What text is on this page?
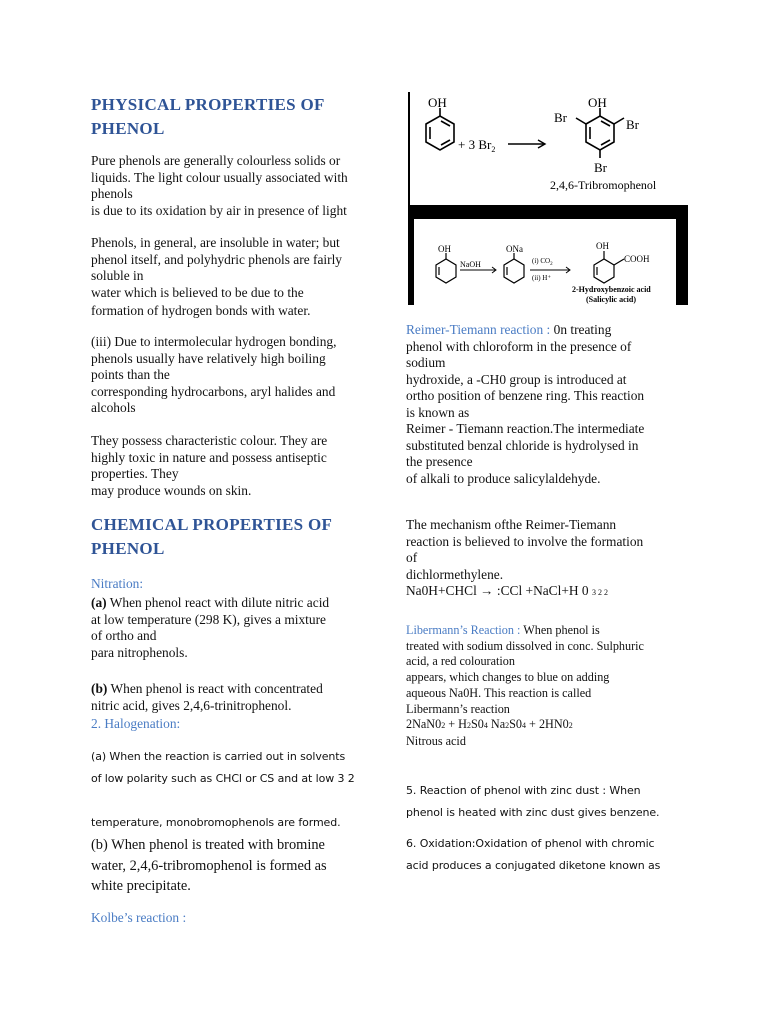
PHYSICAL PROPERTIES OF
PHENOL
Pure phenols are generally colourless solids or
liquids. The light colour usually associated with
phenols
is due to its oxidation by air in presence of light
Phenols, in general, are insoluble in water; but
phenol itself, and polyhydric phenols are fairly
soluble in
water which is believed to be due to the
formation of hydrogen bonds with water.
(iii) Due to intermolecular hydrogen bonding,
phenols usually have relatively high boiling
points than the
corresponding hydrocarbons, aryl halides and
alcohols
They possess characteristic colour. They are
highly toxic in nature and possess antiseptic
properties. They
may produce wounds on skin.
CHEMICAL PROPERTIES OF
PHENOL
Nitration:
(a) When phenol react with dilute nitric acid
at low temperature (298 K), gives a mixture
of ortho and
para nitrophenols.
(b) When phenol is react with concentrated
nitric acid, gives 2,4,6-trinitrophenol.
2. Halogenation:
(a) When the reaction is carried out in solvents
of low polarity such as CHCl or CS and at low 3 2

temperature, monobromophenols are formed.
(b) When phenol is treated with bromine
water, 2,4,6-tribromophenol is formed as
white precipitate.
Kolbe’s reaction :
OH
+ 3 $Br_2$
OH
Br	Br
Br
2,4,6-Tribromophenol
OH
NaOH
ONa
(i) $CO_2$
(ii) H⁺
OH
COOH
2-Hydroxybenzoic acid
(Salicylic acid)
Reimer-Tiemann reaction : 0n treating
phenol with chloroform in the presence of
sodium
hydroxide, a -CH0 group is introduced at
ortho position of benzene ring. This reaction
is known as
Reimer - Tiemann reaction.The intermediate
substituted benzal chloride is hydrolysed in
the presence
of alkali to produce salicylaldehyde.
The mechanism ofthe Reimer-Tiemann
reaction is believed to involve the formation
of
dichlormethylene.
Na0H+CHCl → :CCl +NaCl+H 0 3 2 2
Libermann’s Reaction : When phenol is
treated with sodium dissolved in conc. Sulphuric
acid, a red colouration
appears, which changes to blue on adding
aqueous Na0H. This reaction is called
Libermann’s reaction
2NaN02 + H2S04 Na2S04 + 2HN02
Nitrous acid
5. Reaction of phenol with zinc dust : When
phenol is heated with zinc dust gives benzene.
6. Oxidation:Oxidation of phenol with chromic
acid produces a conjugated diketone known as
